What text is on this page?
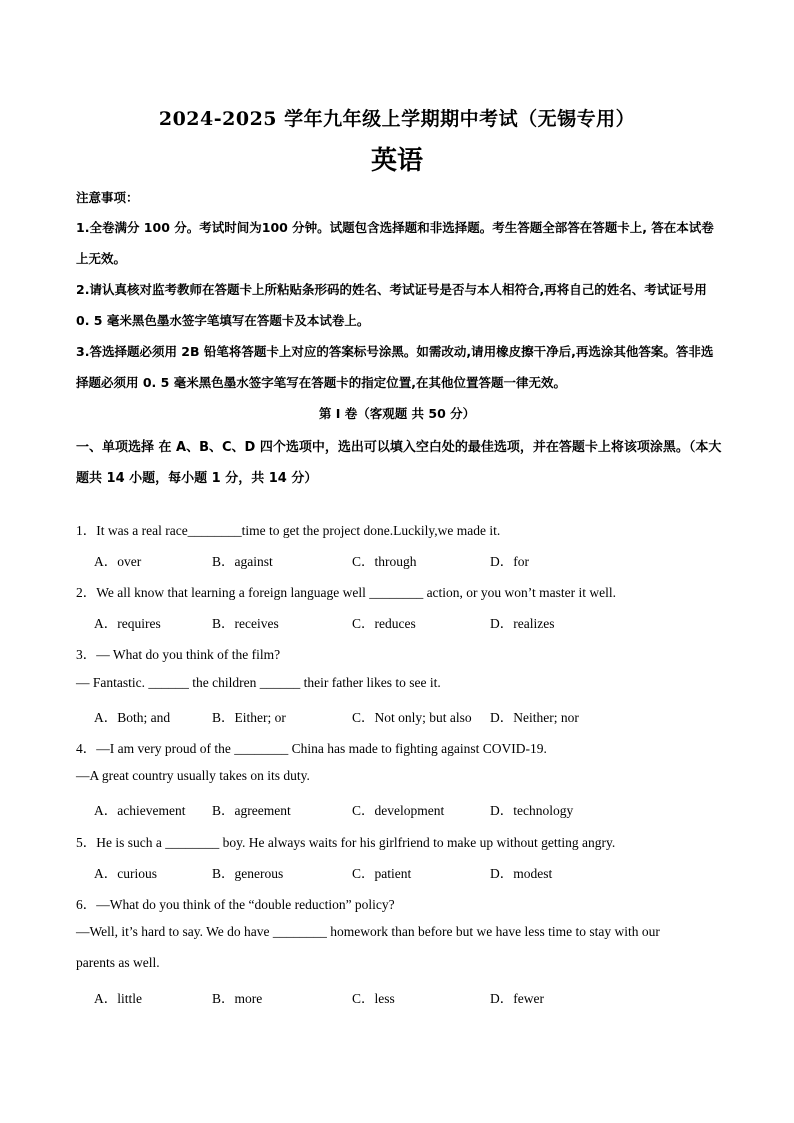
2024-2025 学年九年级上学期期中考试（无锡专用）
英语
注意事项：
1.全卷满分 100 分。考试时间为100 分钟。试题包含选择题和非选择题。考生答题全部答在答题卡上, 答在本试卷上无效。
2.请认真核对监考教师在答题卡上所粘贴条形码的姓名、考试证号是否与本人相符合,再将自己的姓名、考试证号用 0. 5 毫米黑色墨水签字笔填写在答题卡及本试卷上。
3.答选择题必须用 2B 铅笔将答题卡上对应的答案标号涂黑。如需改动,请用橡皮擦干净后,再选涂其他答案。答非选择题必须用 0. 5 毫米黑色墨水签字笔写在答题卡的指定位置,在其他位置答题一律无效。
第 I 卷（客观题 共 50 分）
一、单项选择 在 A、B、C、D 四个选项中，选出可以填入空白处的最佳选项，并在答题卡上将该项涂黑。（本大题共 14 小题，每小题 1 分，共 14 分）
1．It was a real race________time to get the project done.Luckily,we made it.
A．over	B．against	C．through	D．for
2．We all know that learning a foreign language well ________ action, or you won’t master it well.
A．requires	B．receives	C．reduces	D．realizes
3．— What do you think of the film?
— Fantastic. ______ the children ______ their father likes to see it.
A．Both; and	B．Either; or	C．Not only; but also D．Neither; nor
4．—I am very proud of the ________ China has made to fighting against COVID-19.
—A great country usually takes on its duty.
A．achievement B．agreement	C．development	D．technology
5．He is such a ________ boy. He always waits for his girlfriend to make up without getting angry.
A．curious	B．generous	C．patient	D．modest
6．—What do you think of the “double reduction” policy?
—Well, it’s hard to say. We do have ________ homework than before but we have less time to stay with our
parents as well.
A．little	B．more	C．less	D．fewer
